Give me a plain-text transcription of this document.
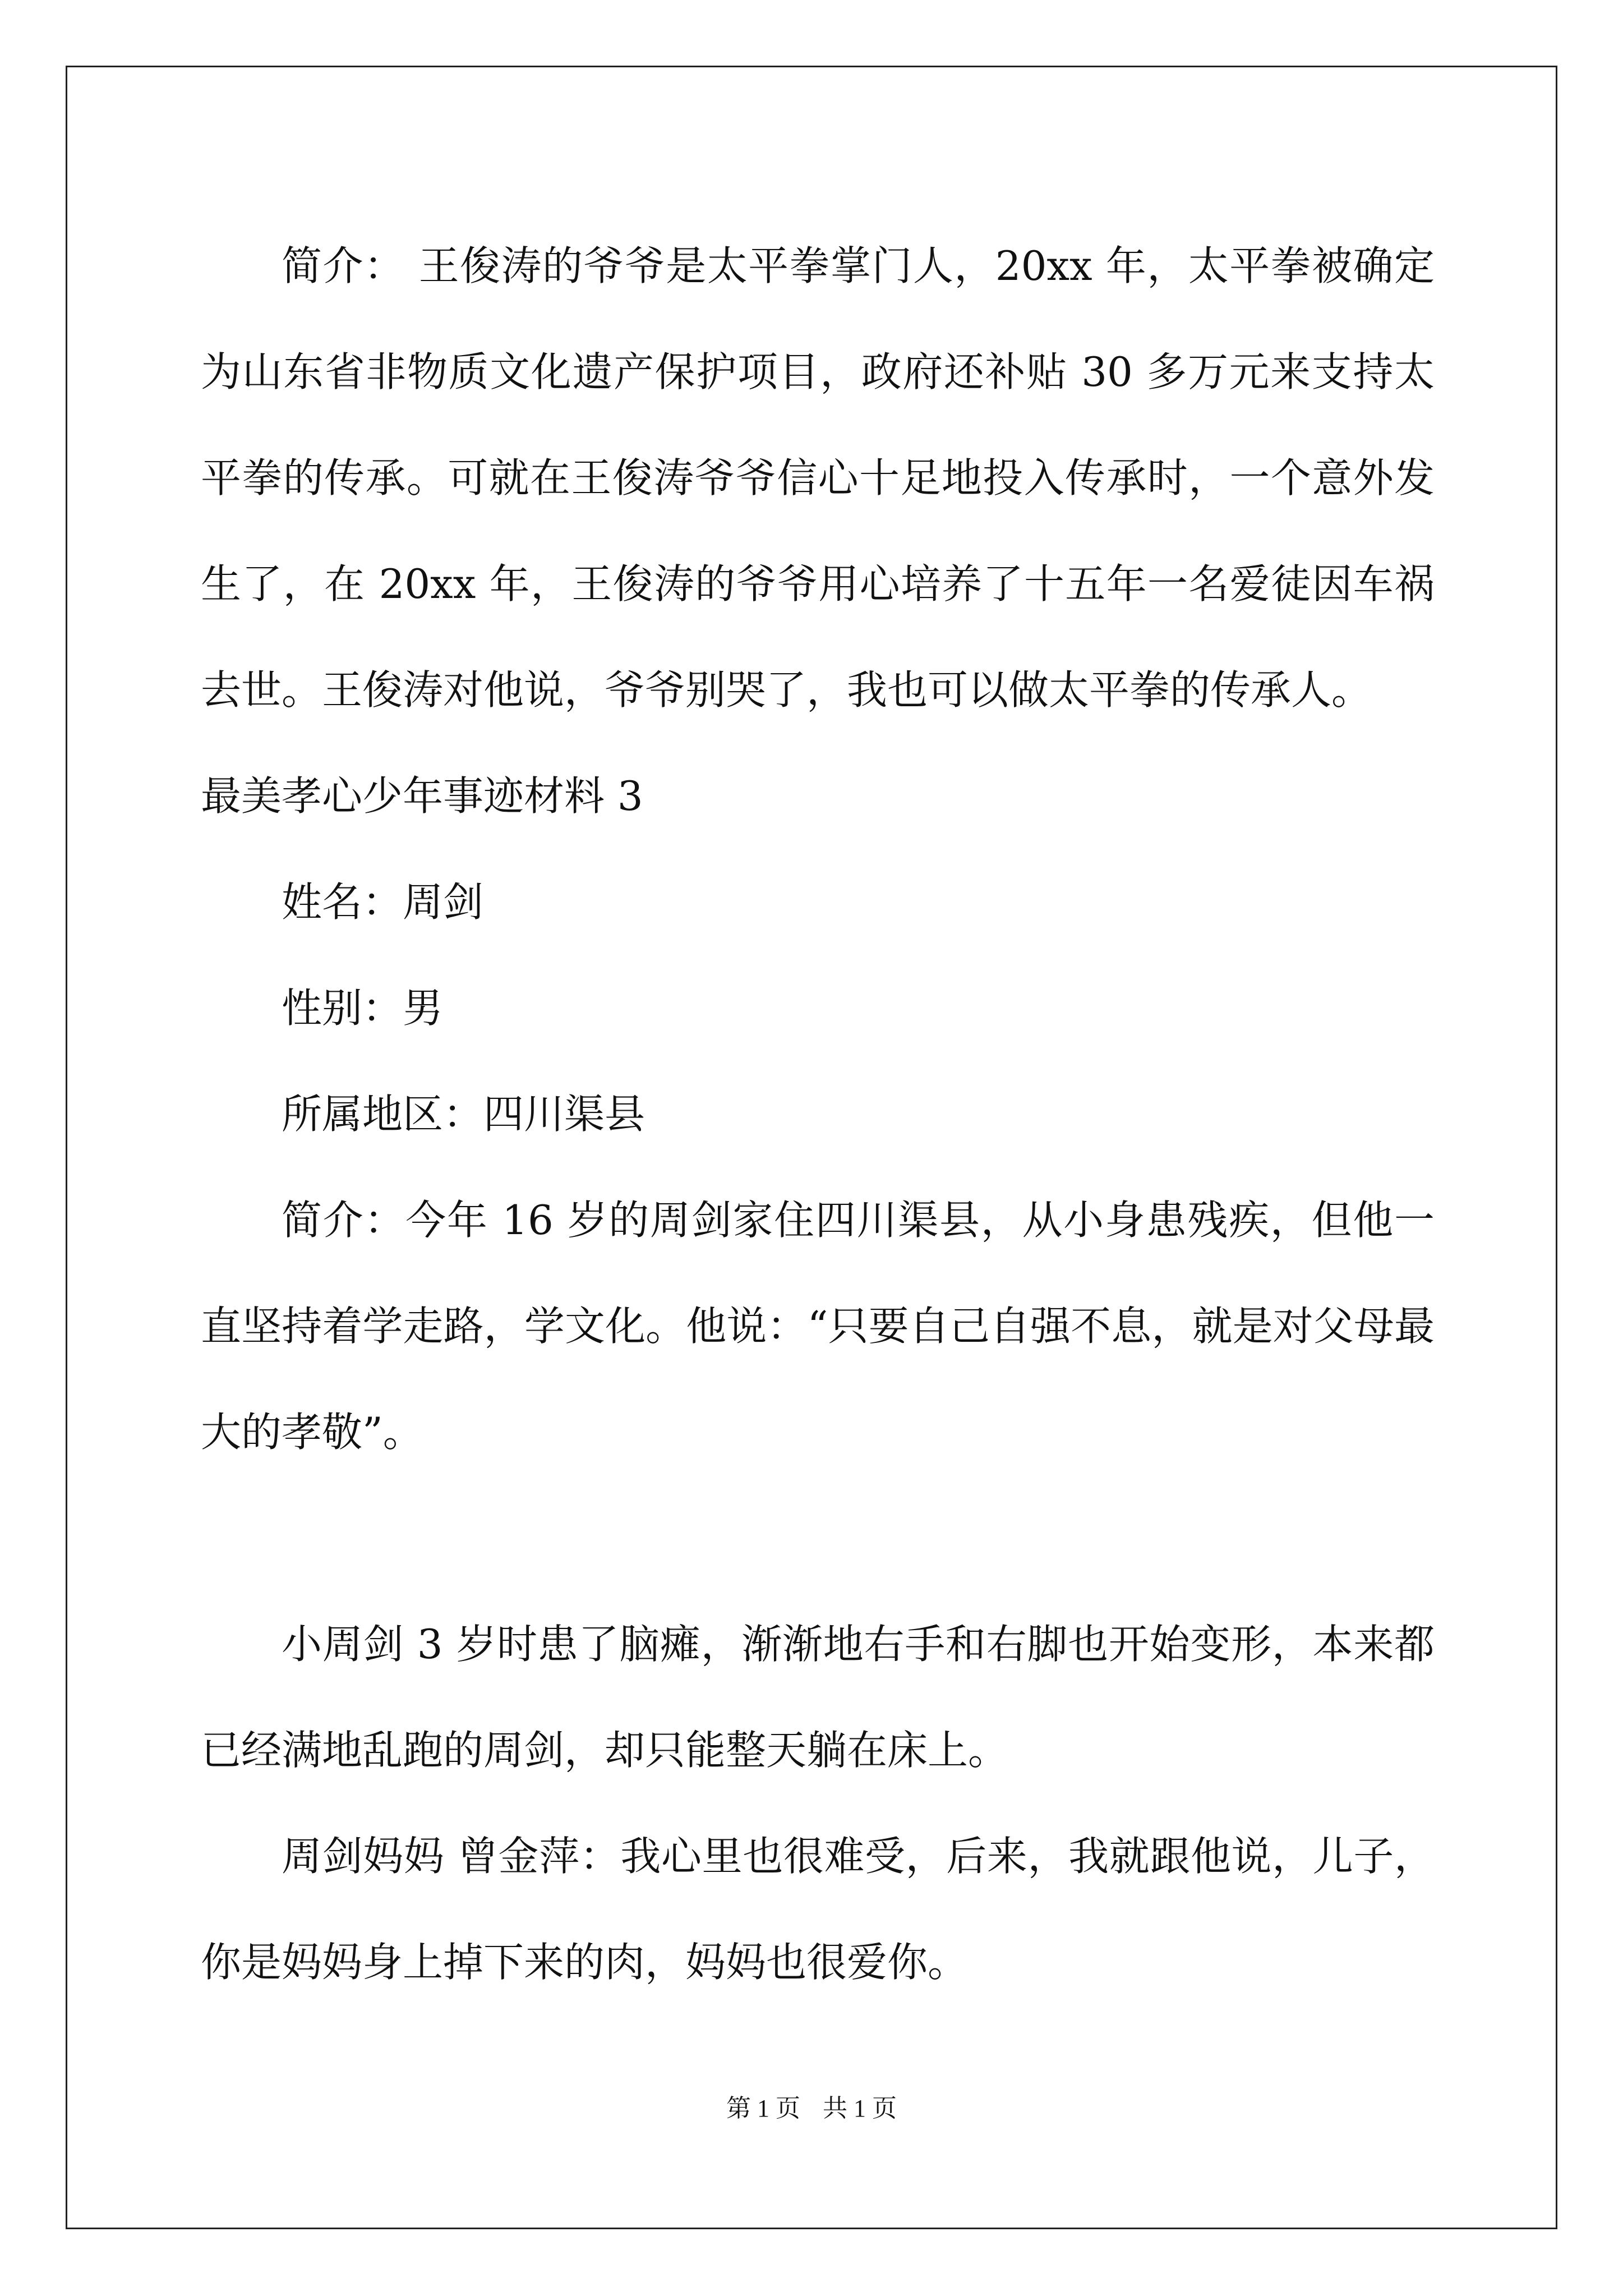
简介： 王俊涛的爷爷是太平拳掌门人，20xx 年，太平拳被确定为山东省非物质文化遗产保护项目，政府还补贴 30 多万元来支持太平拳的传承。可就在王俊涛爷爷信心十足地投入传承时，一个意外发生了，在 20xx 年，王俊涛的爷爷用心培养了十五年一名爱徒因车祸去世。王俊涛对他说，爷爷别哭了，我也可以做太平拳的传承人。

最美孝心少年事迹材料 3

姓名：周剑

性别：男

所属地区：四川渠县

简介：今年 16 岁的周剑家住四川渠县，从小身患残疾，但他一直坚持着学走路，学文化。他说：“只要自己自强不息，就是对父母最大的孝敬”。

小周剑 3 岁时患了脑瘫，渐渐地右手和右脚也开始变形，本来都已经满地乱跑的周剑，却只能整天躺在床上。

周剑妈妈 曾金萍：我心里也很难受，后来，我就跟他说，儿子，你是妈妈身上掉下来的肉，妈妈也很爱你。

第 1 页 共 1 页
